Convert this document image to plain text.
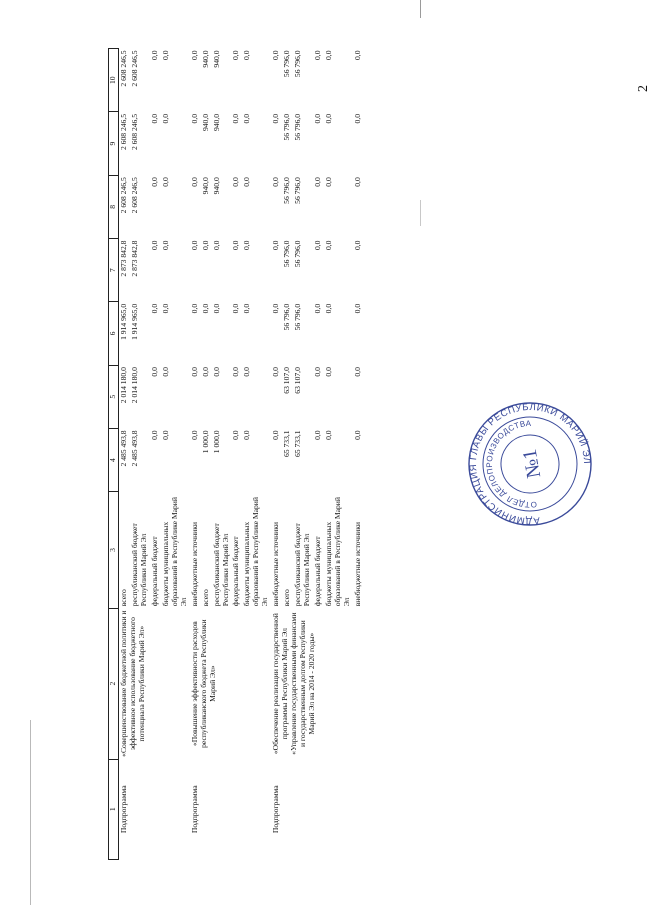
2
1	2	3	4	5	6	7	8	9	10
Подпрограмма	«Совершенствование бюджетной политики и эффективное использование бюджетного потенциала Республики Марий Эл»	всего	2 485 493,8	2 014 180,0	1 914 965,0	2 873 842,8	2 608 246,5	2 608 246,5	2 608 246,5
		республиканский бюджет Республики Марий Эл	2 485 493,8	2 014 180,0	1 914 965,0	2 873 842,8	2 608 246,5	2 608 246,5	2 608 246,5
		федеральный бюджет	0,0	0,0	0,0	0,0	0,0	0,0	0,0
		бюджеты муниципальных образований в Республике Марий Эл	0,0	0,0	0,0	0,0	0,0	0,0	0,0
Подпрограмма	«Повышение эффективности расходов республиканского бюджета Республики Марий Эл»	внебюджетные источники	0,0	0,0	0,0	0,0	0,0	0,0	0,0
		всего	1 000,0	0,0	0,0	0,0	940,0	940,0	940,0
		республиканский бюджет Республики Марий Эл	1 000,0	0,0	0,0	0,0	940,0	940,0	940,0
		федеральный бюджет	0,0	0,0	0,0	0,0	0,0	0,0	0,0
		бюджеты муниципальных образований в Республике Марий Эл	0,0	0,0	0,0	0,0	0,0	0,0	0,0
Подпрограмма	«Обеспечение реализации государственной программы Республики Марий Эл «Управление государственными финансами и государственным долгом Республики Марий Эл на 2014 - 2020 годы»	внебюджетные источники	0,0	0,0	0,0	0,0	0,0	0,0	0,0
		всего	65 733,1	63 107,0	56 796,0	56 796,0	56 796,0	56 796,0	56 796,0
		республиканский бюджет Республики Марий Эл	65 733,1	63 107,0	56 796,0	56 796,0	56 796,0	56 796,0	56 796,0
		федеральный бюджет	0,0	0,0	0,0	0,0	0,0	0,0	0,0
		бюджеты муниципальных образований в Республике Марий Эл	0,0	0,0	0,0	0,0	0,0	0,0	0,0
		внебюджетные источники	0,0	0,0	0,0	0,0	0,0	0,0	0,0
АДМИНИСТРАЦИЯ ГЛАВЫ РЕСПУБЛИКИ МАРИЙ ЭЛ
ОТДЕЛ ДЕЛОПРОИЗВОДСТВА
№1
